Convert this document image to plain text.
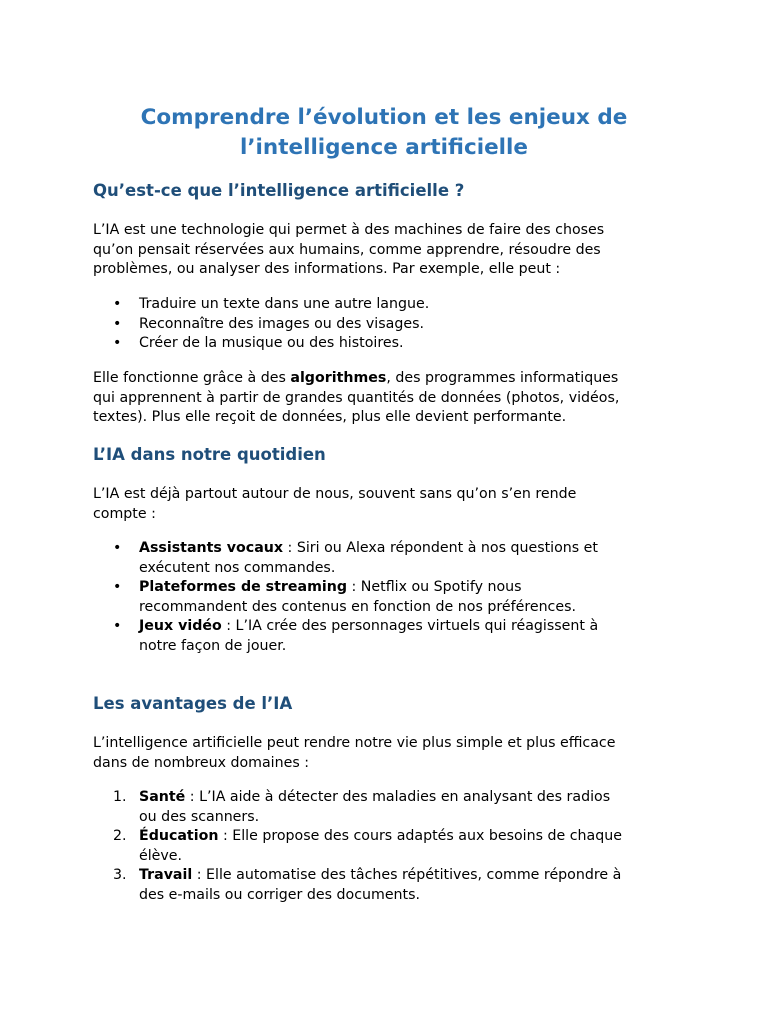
Comprendre l’évolution et les enjeux de
l’intelligence artificielle
Qu’est-ce que l’intelligence artificielle ?

L’IA est une technologie qui permet à des machines de faire des choses
qu’on pensait réservées aux humains, comme apprendre, résoudre des
problèmes, ou analyser des informations. Par exemple, elle peut :

• Traduire un texte dans une autre langue.
• Reconnaître des images ou des visages.
• Créer de la musique ou des histoires.

Elle fonctionne grâce à des algorithmes, des programmes informatiques
qui apprennent à partir de grandes quantités de données (photos, vidéos,
textes). Plus elle reçoit de données, plus elle devient performante.

L’IA dans notre quotidien

L’IA est déjà partout autour de nous, souvent sans qu’on s’en rende
compte :

• Assistants vocaux : Siri ou Alexa répondent à nos questions et
exécutent nos commandes.
• Plateformes de streaming : Netflix ou Spotify nous
recommandent des contenus en fonction de nos préférences.
• Jeux vidéo : L’IA crée des personnages virtuels qui réagissent à
notre façon de jouer.
Les avantages de l’IA

L’intelligence artificielle peut rendre notre vie plus simple et plus efficace
dans de nombreux domaines :

1. Santé : L’IA aide à détecter des maladies en analysant des radios
ou des scanners.
2. Éducation : Elle propose des cours adaptés aux besoins de chaque
élève.
3. Travail : Elle automatise des tâches répétitives, comme répondre à
des e-mails ou corriger des documents.
